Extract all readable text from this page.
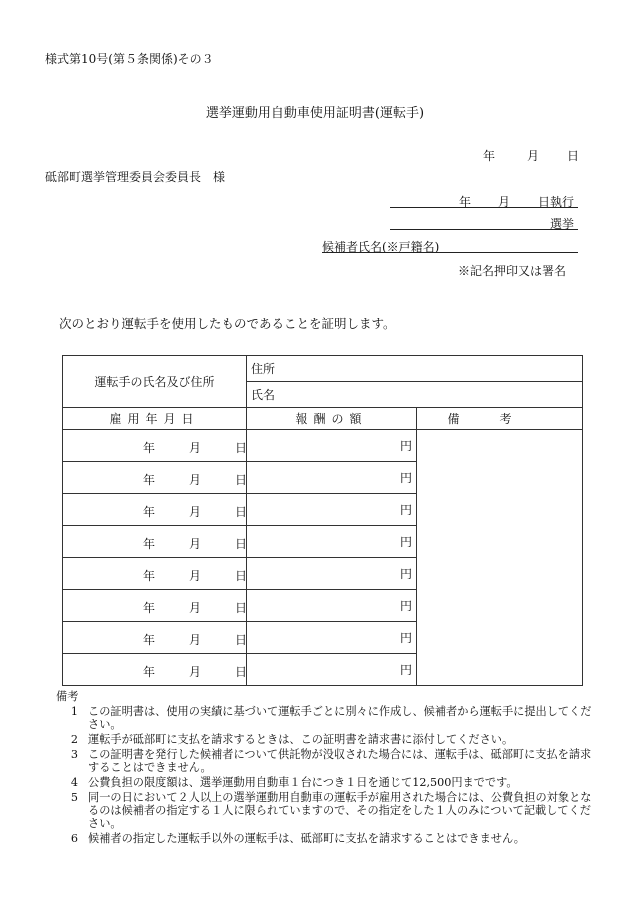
様式第10号(第５条関係)その３
選挙運動用自動車使用証明書(運転手)
年	月 日
砥部町選挙管理委員会委員長　様
年 月 日執行
選挙
候補者氏名(※戸籍名)
※記名押印又は署名
次のとおり運転手を使用したものであることを証明します。
運転手の氏名及び住所	住所	
	氏名	
雇用年月日	報酬の額	備考

年 月 日	円	

年 月 日	円	

年 月 日	円	

年 月 日	円	

年 月 日	円	

年 月 日	円	

年 月 日	円	

年 月 日	円	
備考
1 この証明書は、使用の実績に基づいて運転手ごとに別々に作成し、候補者から運転手に提出してください。
2 運転手が砥部町に支払を請求するときは、この証明書を請求書に添付してください。
3 この証明書を発行した候補者について供託物が没収された場合には、運転手は、砥部町に支払を請求することはできません。
4 公費負担の限度額は、選挙運動用自動車１台につき１日を通じて12,500円までです。
5 同一の日において２人以上の選挙運動用自動車の運転手が雇用された場合には、公費負担の対象となるのは候補者の指定する１人に限られていますので、その指定をした１人のみについて記載してください。
6 候補者の指定した運転手以外の運転手は、砥部町に支払を請求することはできません。
